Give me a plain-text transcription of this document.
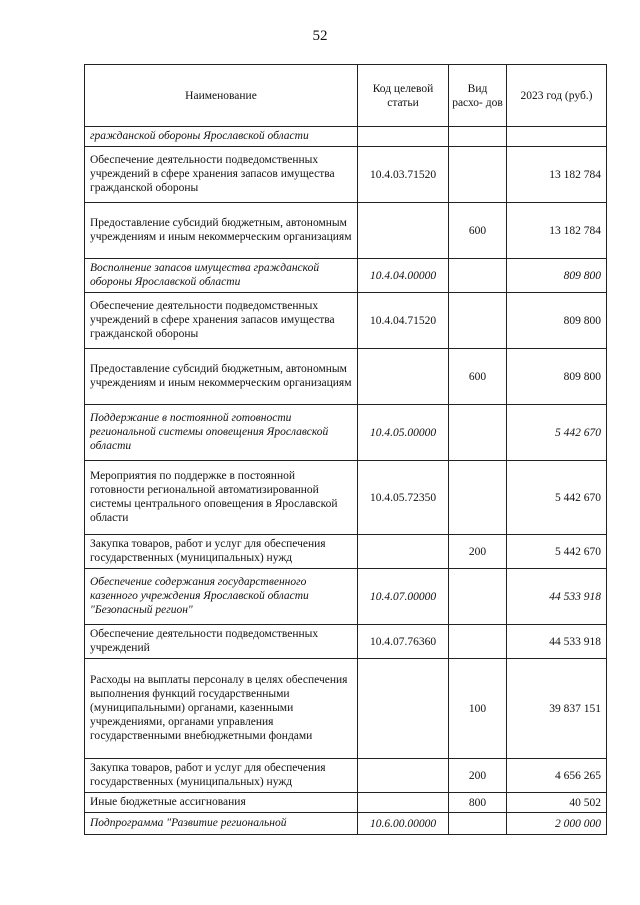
52
Наименование	Код целевой статьи	Вид расхо- дов	2023 год (руб.)
гражданской обороны Ярославской области			
Обеспечение деятельности подведомственных учреждений в сфере хранения запасов имущества гражданской обороны	10.4.03.71520		13 182 784
Предоставление субсидий бюджетным, автономным учреждениям и иным некоммерческим организациям		600	13 182 784
Восполнение запасов имущества гражданской обороны Ярославской области	10.4.04.00000		809 800
Обеспечение деятельности подведомственных учреждений в сфере хранения запасов имущества гражданской обороны	10.4.04.71520		809 800
Предоставление субсидий бюджетным, автономным учреждениям и иным некоммерческим организациям		600	809 800
Поддержание в постоянной готовности региональной системы оповещения Ярославской области	10.4.05.00000		5 442 670
Мероприятия по поддержке в постоянной готовности региональной автоматизированной системы центрального оповещения в Ярославской области	10.4.05.72350		5 442 670
Закупка товаров, работ и услуг для обеспечения государственных (муниципальных) нужд		200	5 442 670
Обеспечение содержания государственного казенного учреждения Ярославской области "Безопасный регион"	10.4.07.00000		44 533 918
Обеспечение деятельности подведомственных учреждений	10.4.07.76360		44 533 918
Расходы на выплаты персоналу в целях обеспечения выполнения функций государственными (муниципальными) органами, казенными учреждениями, органами управления государственными внебюджетными фондами		100	39 837 151
Закупка товаров, работ и услуг для обеспечения государственных (муниципальных) нужд		200	4 656 265
Иные бюджетные ассигнования		800	40 502
Подпрограмма "Развитие региональной	10.6.00.00000		2 000 000
